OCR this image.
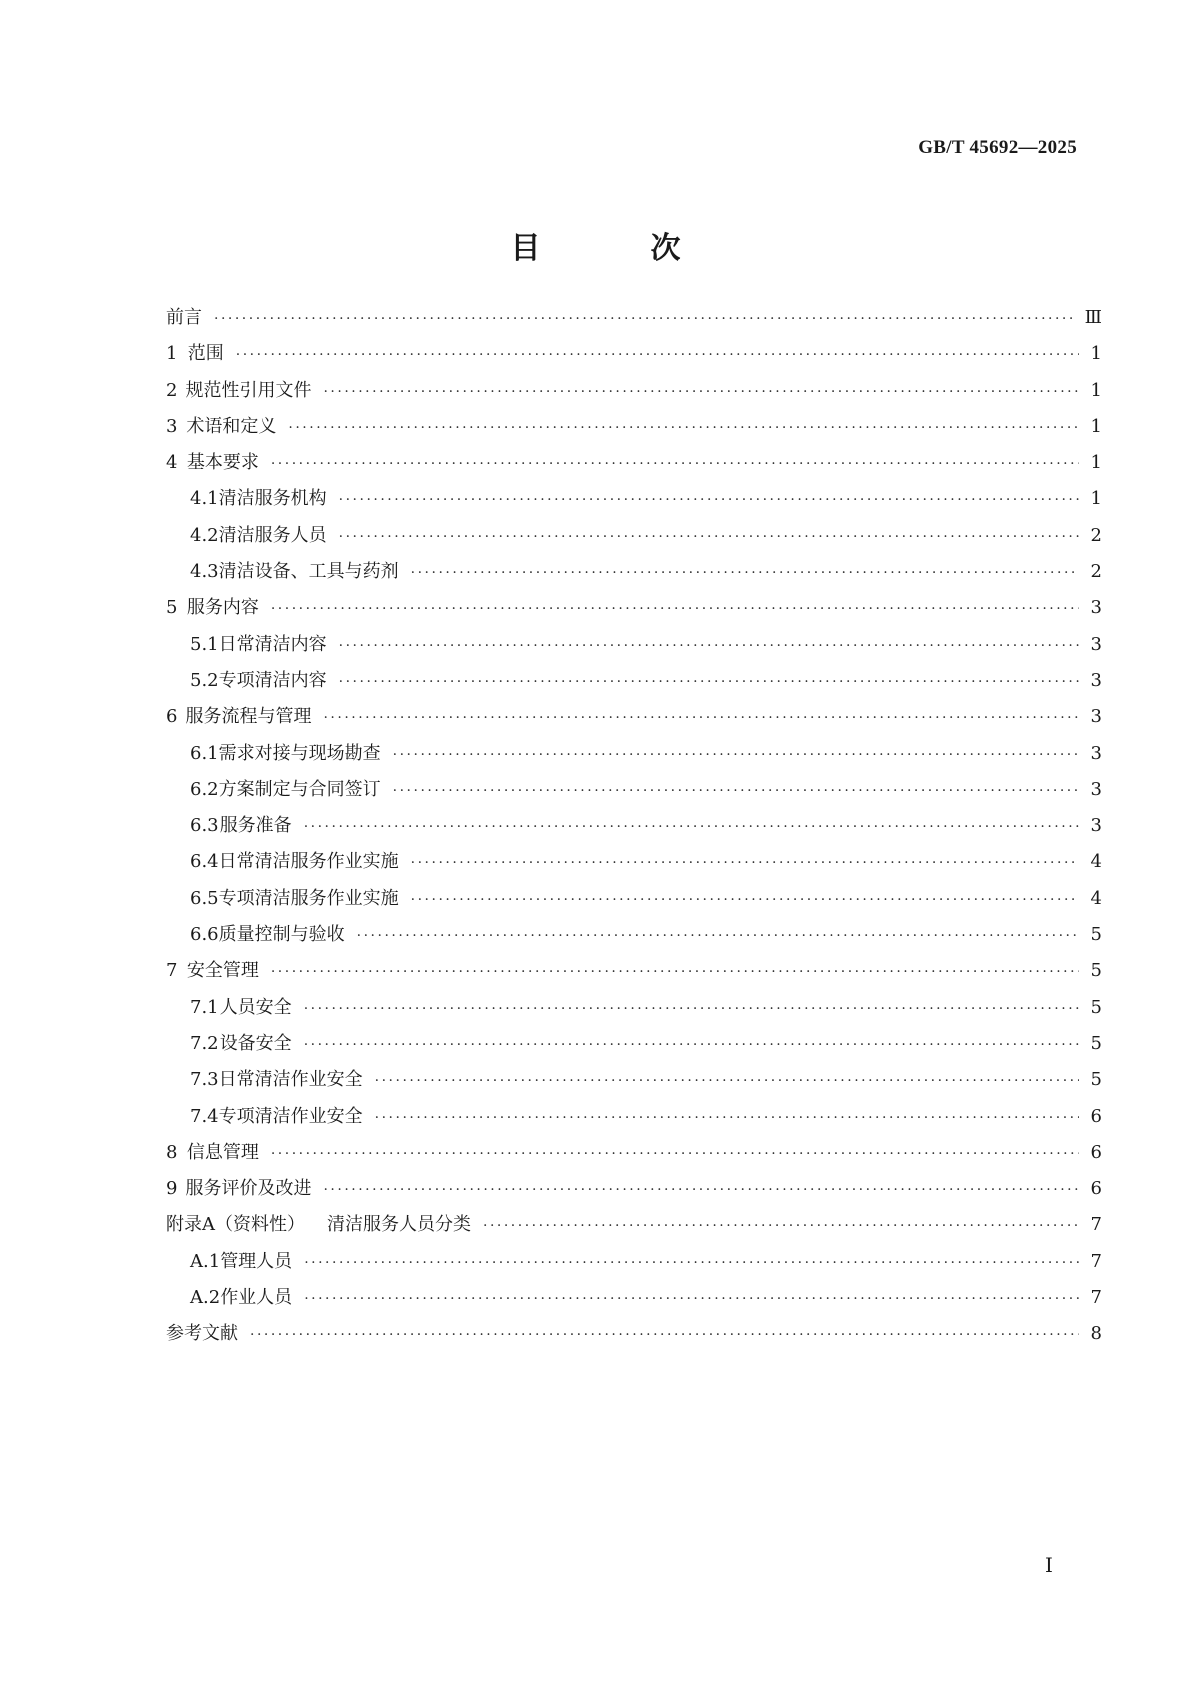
GB/T 45692—2025
目　次
前言 ·····	Ⅲ
1 范围 ·····	1
2 规范性引用文件 ·····	1
3 术语和定义 ·····	1
4 基本要求 ·····	1
4.1 清洁服务机构 ·····	1
4.2 清洁服务人员 ·····	2
4.3 清洁设备、工具与药剂 ·····	2
5 服务内容 ·····	3
5.1 日常清洁内容 ·····	3
5.2 专项清洁内容 ·····	3
6 服务流程与管理 ·····	3
6.1 需求对接与现场勘查 ·····	3
6.2 方案制定与合同签订 ·····	3
6.3 服务准备 ·····	3
6.4 日常清洁服务作业实施 ·····	4
6.5 专项清洁服务作业实施 ·····	4
6.6 质量控制与验收 ·····	5
7 安全管理 ·····	5
7.1 人员安全 ·····	5
7.2 设备安全 ·····	5
7.3 日常清洁作业安全 ·····	5
7.4 专项清洁作业安全 ·····	6
8 信息管理 ·····	6
9 服务评价及改进 ·····	6
附录A （资料性） 清洁服务人员分类 ·····	7
A.1 管理人员 ·····	7
A.2 作业人员 ·····	7
参考文献 ·····	8
Ⅰ
